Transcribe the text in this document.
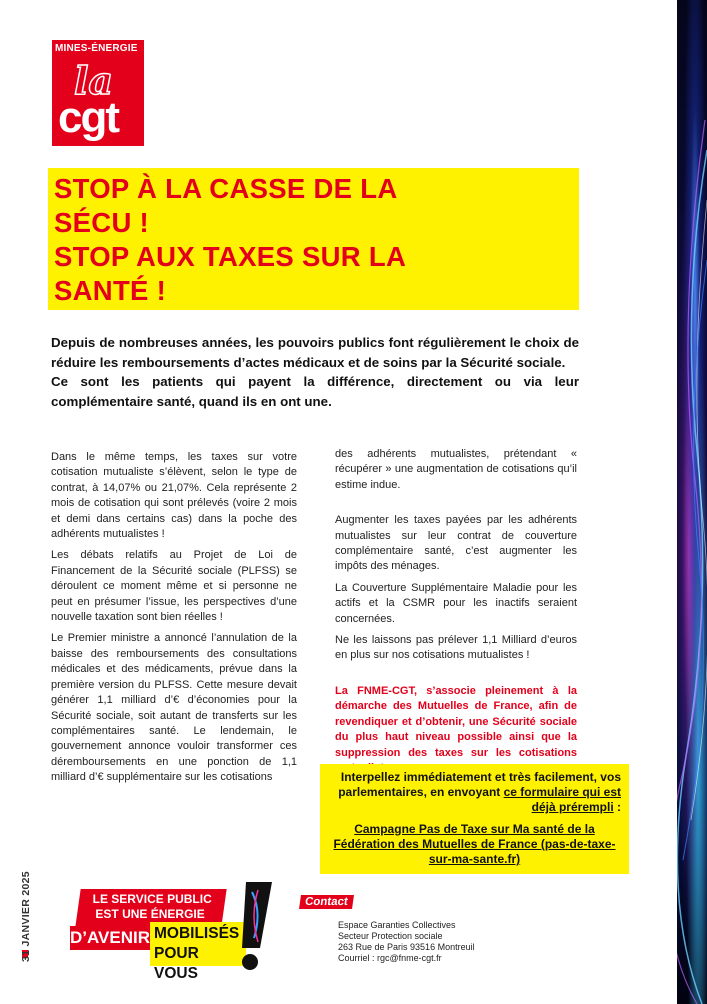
MINES-ÉNERGIE
la
cgt
STOP À LA CASSE DE LA
SÉCU !
STOP AUX TAXES SUR LA
SANTÉ !

Depuis de nombreuses années, les pouvoirs publics font régulièrement le choix de réduire les remboursements d’actes médicaux et de soins par la Sécurité sociale.

Ce sont les patients qui payent la différence, directement ou via leur complémentaire santé, quand ils en ont une.

Dans le même temps, les taxes sur votre cotisation mutualiste s’élèvent, selon le type de contrat, à 14,07% ou 21,07%. Cela représente 2 mois de cotisation qui sont prélevés (voire 2 mois et demi dans certains cas) dans la poche des adhérents mutualistes !

Les débats relatifs au Projet de Loi de Financement de la Sécurité sociale (PLFSS) se déroulent ce moment même et si personne ne peut en présumer l’issue, les perspectives d’une nouvelle taxation sont bien réelles !

Le Premier ministre a annoncé l’annulation de la baisse des remboursements des consultations médicales et des médicaments, prévue dans la première version du PLFSS. Cette mesure devait générer 1,1 milliard d’€ d’économies pour la Sécurité sociale, soit autant de transferts sur les complémentaires santé. Le lendemain, le gouvernement annonce vouloir transformer ces déremboursements en une ponction de 1,1 milliard d’€ supplémentaire sur les cotisations

des adhérents mutualistes, prétendant « récupérer » une augmentation de cotisations qu’il estime indue.

Augmenter les taxes payées par les adhérents mutualistes sur leur contrat de couverture complémentaire santé, c’est augmenter les impôts des ménages.

La Couverture Supplémentaire Maladie pour les actifs et la CSMR pour les inactifs seraient concernées.

Ne les laissons pas prélever 1,1 Milliard d’euros en plus sur nos cotisations mutualistes !

La FNME-CGT, s’associe pleinement à la démarche des Mutuelles de France, afin de revendiquer et d’obtenir, une Sécurité sociale du plus haut niveau possible ainsi que la suppression des taxes sur les cotisations

Interpellez immédiatement et très facilement, vos parlementaires, en envoyant ce formulaire qui est déjà prérempli :

Campagne Pas de Taxe sur Ma santé de la Fédération des Mutuelles de France (pas-de-taxe-sur-ma-sante.fr)

31 JANVIER 2025	LE SERVICE PUBLIC
EST UNE ÉNERGIE
D’AVENIR MOBILISÉS
POUR VOUS
Contact
Espace Garanties Collectives
Secteur Protection sociale
263 Rue de Paris 93516 Montreuil
Courriel : rgc@fnme-cgt.fr
